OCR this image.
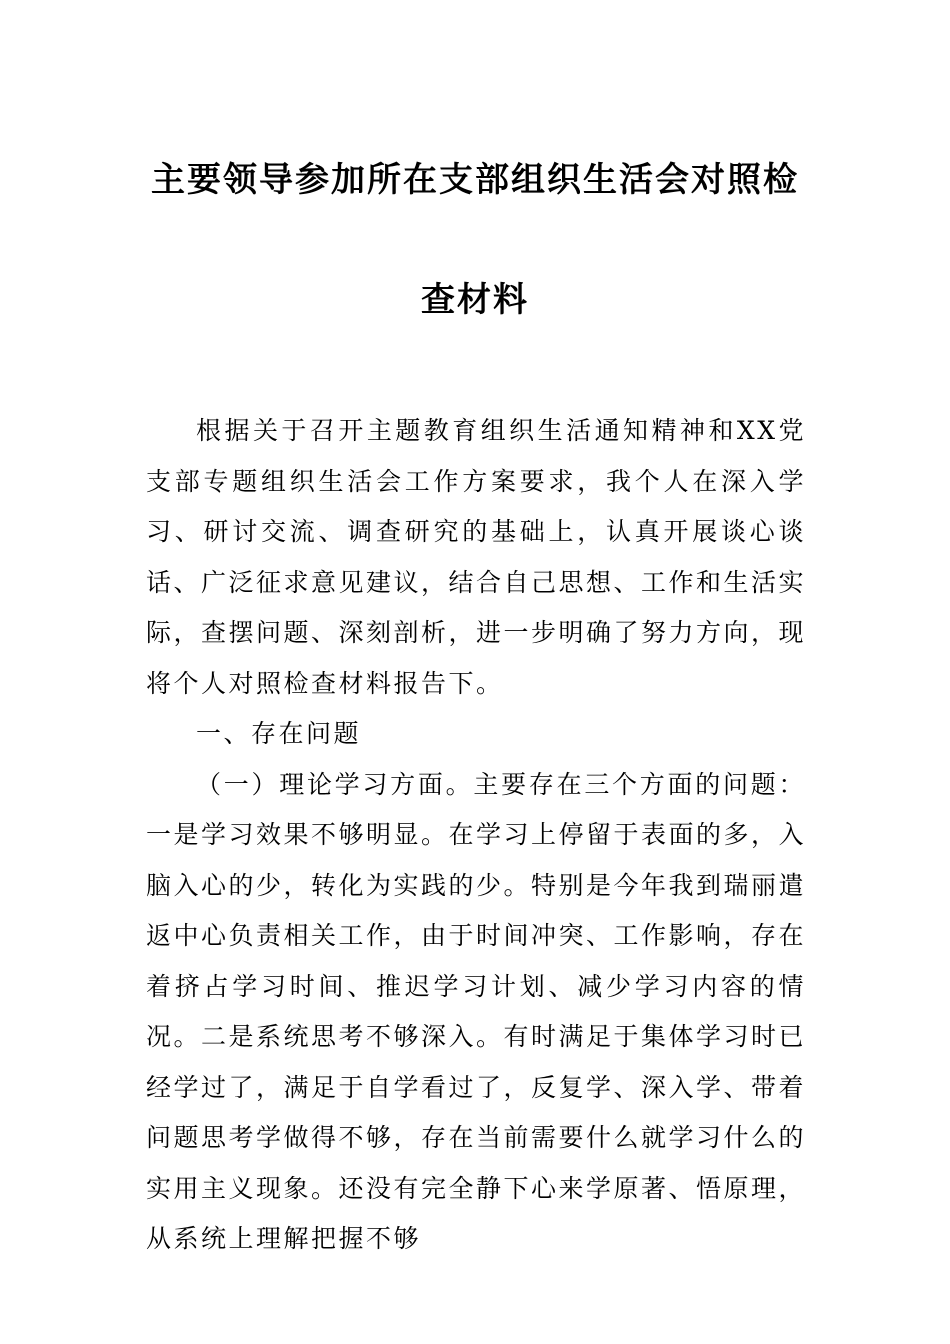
主要领导参加所在支部组织生活会对照检
查材料

根据关于召开主题教育组织生活通知精神和XX党支部专题组织生活会工作方案要求，我个人在深入学习、研讨交流、调查研究的基础上，认真开展谈心谈话、广泛征求意见建议，结合自己思想、工作和生活实际，查摆问题、深刻剖析，进一步明确了努力方向，现将个人对照检查材料报告下。

一、存在问题

（一）理论学习方面。主要存在三个方面的问题：一是学习效果不够明显。在学习上停留于表面的多，入脑入心的少，转化为实践的少。特别是今年我到瑞丽遣返中心负责相关工作，由于时间冲突、工作影响，存在着挤占学习时间、推迟学习计划、减少学习内容的情况。二是系统思考不够深入。有时满足于集体学习时已经学过了，满足于自学看过了，反复学、深入学、带着问题思考学做得不够，存在当前需要什么就学习什么的实用主义现象。还没有完全静下心来学原著、悟原理，从系统上理解把握不够
